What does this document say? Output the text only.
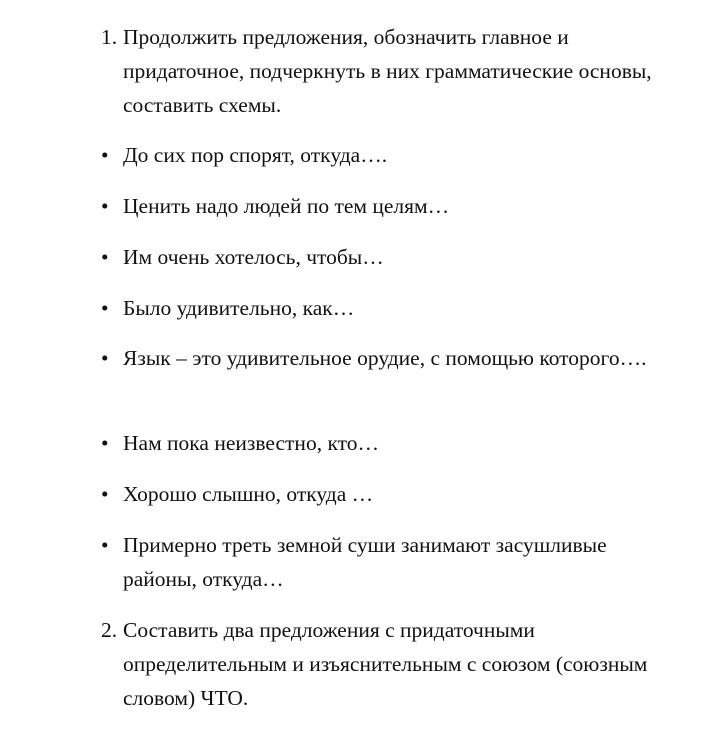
1. Продолжить предложения, обозначить главное и придаточное, подчеркнуть в них грамматические основы, составить схемы.

• До сих пор спорят, откуда….

• Ценить надо людей по тем целям…

• Им очень хотелось, чтобы…

• Было удивительно, как…

• Язык – это удивительное орудие, с помощью которого….

• Нам пока неизвестно, кто…

• Хорошо слышно, откуда …

• Примерно треть земной суши занимают засушливые районы, откуда…

2. Составить два предложения с придаточными определительным и изъяснительным с союзом (союзным словом) ЧТО.
